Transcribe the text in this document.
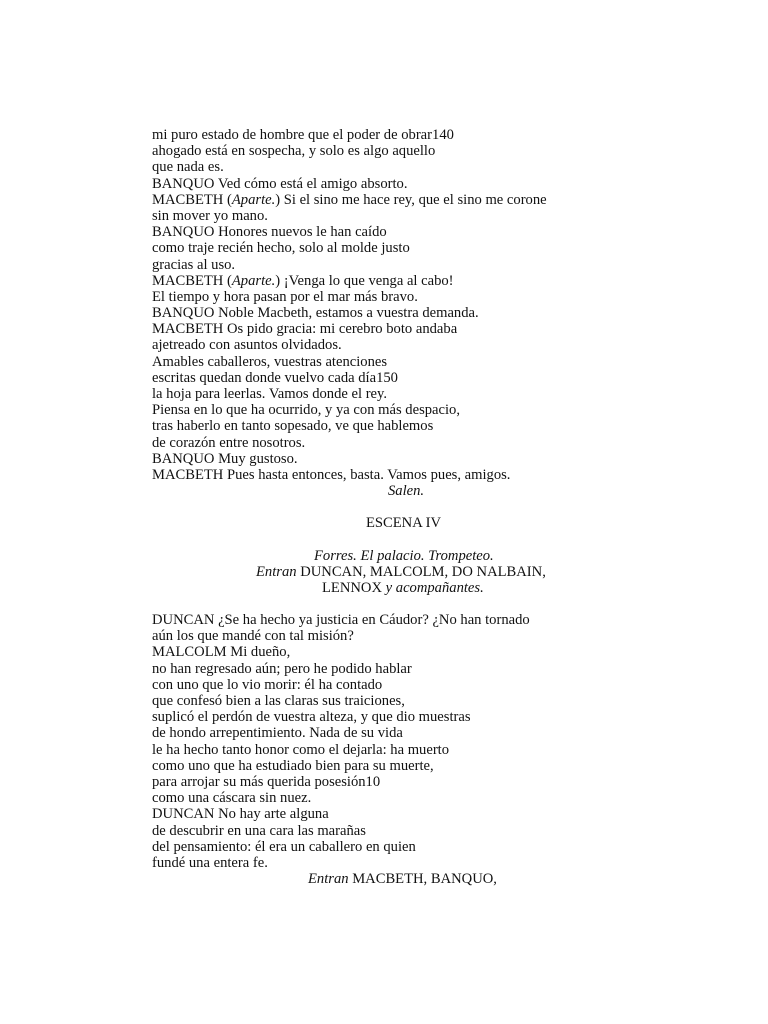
mi puro estado de hombre que el poder de obrar140
ahogado está en sospecha, y solo es algo aquello
que nada es.
BANQUO Ved cómo está el amigo absorto.
MACBETH (Aparte.) Si el sino me hace rey, que el sino me corone
sin mover yo mano.
BANQUO Honores nuevos le han caído
como traje recién hecho, solo al molde justo
gracias al uso.
MACBETH (Aparte.) ¡Venga lo que venga al cabo!
El tiempo y hora pasan por el mar más bravo.
BANQUO Noble Macbeth, estamos a vuestra demanda.
MACBETH Os pido gracia: mi cerebro boto andaba
ajetreado con asuntos olvidados.
Amables caballeros, vuestras atenciones
escritas quedan donde vuelvo cada día150
la hoja para leerlas. Vamos donde el rey.
Piensa en lo que ha ocurrido, y ya con más despacio,
tras haberlo en tanto sopesado, ve que hablemos
de corazón entre nosotros.
BANQUO Muy gustoso.
MACBETH Pues hasta entonces, basta. Vamos pues, amigos.
Salen.
ESCENA IV
Forres. El palacio. Trompeteo.
Entran DUNCAN, MALCOLM, DO NALBAIN,
LENNOX y acompañantes.
DUNCAN ¿Se ha hecho ya justicia en Cáudor? ¿No han tornado
aún los que mandé con tal misión?
MALCOLM Mi dueño,
no han regresado aún; pero he podido hablar
con uno que lo vio morir: él ha contado
que confesó bien a las claras sus traiciones,
suplicó el perdón de vuestra alteza, y que dio muestras
de hondo arrepentimiento. Nada de su vida
le ha hecho tanto honor como el dejarla: ha muerto
como uno que ha estudiado bien para su muerte,
para arrojar su más querida posesión10
como una cáscara sin nuez.
DUNCAN No hay arte alguna
de descubrir en una cara las marañas
del pensamiento: él era un caballero en quien
fundé una entera fe.
Entran MACBETH, BANQUO,
